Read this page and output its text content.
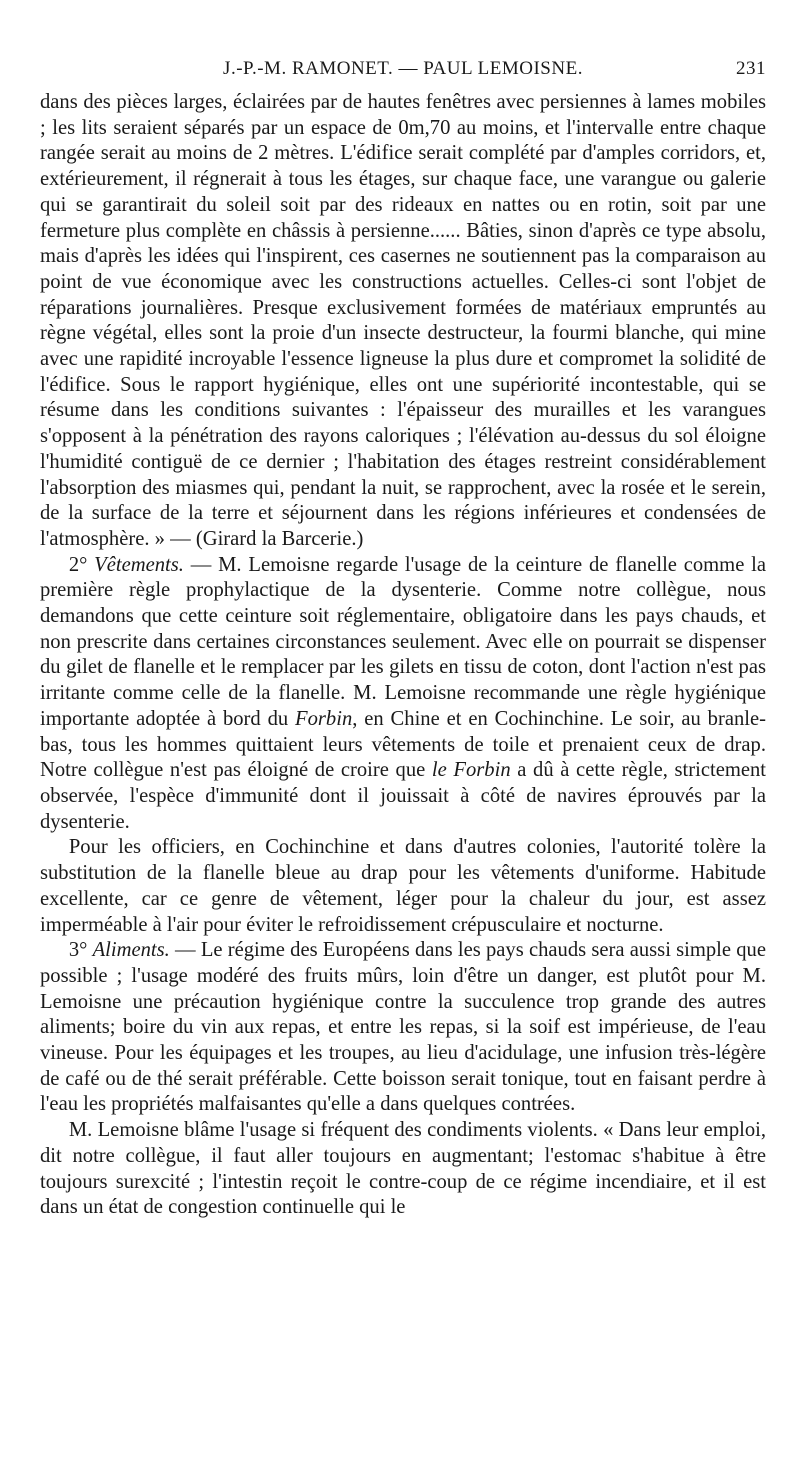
J.-P.-M. RAMONET. — PAUL LEMOISNE.	231

dans des pièces larges, éclairées par de hautes fenêtres avec persiennes à lames mobiles ; les lits seraient séparés par un espace de 0m,70 au moins, et l'intervalle entre chaque rangée serait au moins de 2 mètres. L'édifice serait complété par d'amples corridors, et, extérieurement, il régnerait à tous les étages, sur chaque face, une varangue ou galerie qui se garantirait du soleil soit par des rideaux en nattes ou en rotin, soit par une fermeture plus complète en châssis à persienne...... Bâties, sinon d'après ce type absolu, mais d'après les idées qui l'inspirent, ces casernes ne soutiennent pas la comparaison au point de vue économique avec les constructions actuelles. Celles-ci sont l'objet de réparations journalières. Presque exclusivement formées de matériaux empruntés au règne végétal, elles sont la proie d'un insecte destructeur, la fourmi blanche, qui mine avec une rapidité incroyable l'essence ligneuse la plus dure et compromet la solidité de l'édifice. Sous le rapport hygiénique, elles ont une supériorité incontestable, qui se résume dans les conditions suivantes : l'épaisseur des murailles et les varangues s'opposent à la pénétration des rayons caloriques ; l'élévation au-dessus du sol éloigne l'humidité contiguë de ce dernier ; l'habitation des étages restreint considérablement l'absorption des miasmes qui, pendant la nuit, se rapprochent, avec la rosée et le serein, de la surface de la terre et séjournent dans les régions inférieures et condensées de l'atmosphère. » — (Girard la Barcerie.)

2° Vêtements. — M. Lemoisne regarde l'usage de la ceinture de flanelle comme la première règle prophylactique de la dysenterie. Comme notre collègue, nous demandons que cette ceinture soit réglementaire, obligatoire dans les pays chauds, et non prescrite dans certaines circonstances seulement. Avec elle on pourrait se dispenser du gilet de flanelle et le remplacer par les gilets en tissu de coton, dont l'action n'est pas irritante comme celle de la flanelle. M. Lemoisne recommande une règle hygiénique importante adoptée à bord du Forbin, en Chine et en Cochinchine. Le soir, au branle-bas, tous les hommes quittaient leurs vêtements de toile et prenaient ceux de drap. Notre collègue n'est pas éloigné de croire que le Forbin a dû à cette règle, strictement observée, l'espèce d'immunité dont il jouissait à côté de navires éprouvés par la dysenterie.

Pour les officiers, en Cochinchine et dans d'autres colonies, l'autorité tolère la substitution de la flanelle bleue au drap pour les vêtements d'uniforme. Habitude excellente, car ce genre de vêtement, léger pour la chaleur du jour, est assez imperméable à l'air pour éviter le refroidissement crépusculaire et nocturne.

3° Aliments. — Le régime des Européens dans les pays chauds sera aussi simple que possible ; l'usage modéré des fruits mûrs, loin d'être un danger, est plutôt pour M. Lemoisne une précaution hygiénique contre la succulence trop grande des autres aliments; boire du vin aux repas, et entre les repas, si la soif est impérieuse, de l'eau vineuse. Pour les équipages et les troupes, au lieu d'acidulage, une infusion très-légère de café ou de thé serait préférable. Cette boisson serait tonique, tout en faisant perdre à l'eau les propriétés malfaisantes qu'elle a dans quelques contrées.

M. Lemoisne blâme l'usage si fréquent des condiments violents. « Dans leur emploi, dit notre collègue, il faut aller toujours en augmentant; l'estomac s'habitue à être toujours surexcité ; l'intestin reçoit le contre-coup de ce régime incendiaire, et il est dans un état de congestion continuelle qui le
